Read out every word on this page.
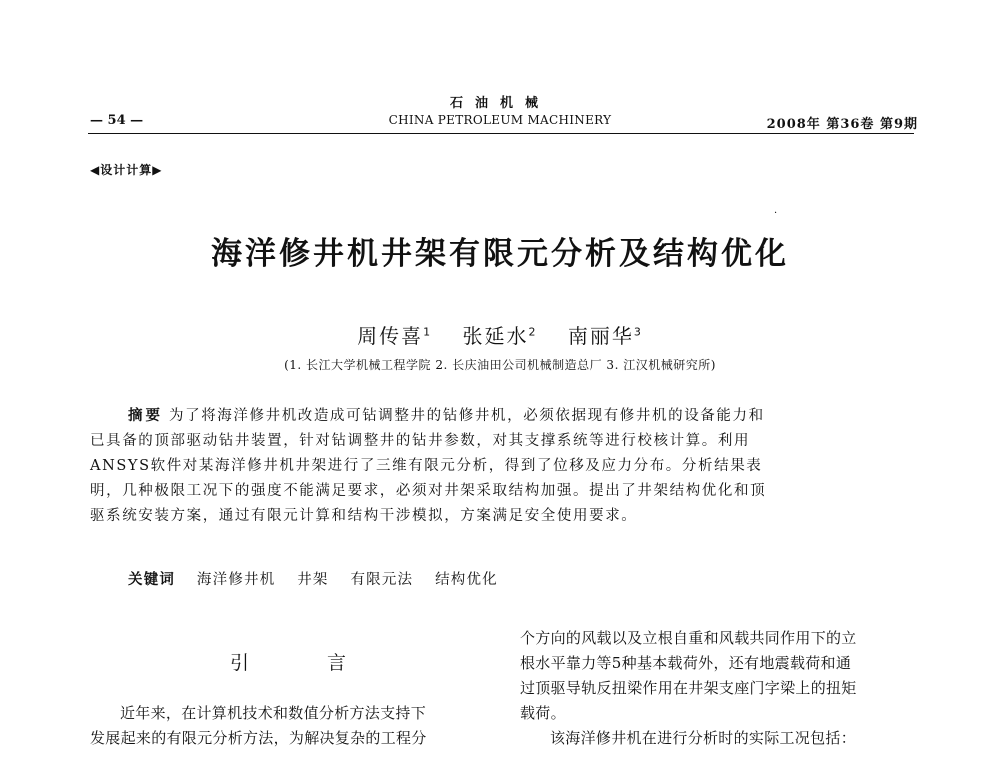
石油机械
— 54 —	CHINA PETROLEUM MACHINERY	2008年 第36卷 第9期
◀设计计算▶
·
海洋修井机井架有限元分析及结构优化
周传喜$^1$ 张延水$^2$ 南丽华$^3$
(1. 长江大学机械工程学院 2. 长庆油田公司机械制造总厂 3. 江汉机械研究所)
摘要 为了将海洋修井机改造成可钻调整井的钻修井机，必须依据现有修井机的设备能力和
已具备的顶部驱动钻井装置，针对钻调整井的钻井参数，对其支撑系统等进行校核计算。利用
ANSYS软件对某海洋修井机井架进行了三维有限元分析，得到了位移及应力分布。分析结果表
明，几种极限工况下的强度不能满足要求，必须对井架采取结构加强。提出了井架结构优化和顶
驱系统安装方案，通过有限元计算和结构干涉模拟，方案满足安全使用要求。
关键词 海洋修井机 井架 有限元法 结构优化
引言

近年来，在计算机技术和数值分析方法支持下

发展起来的有限元分析方法，为解决复杂的工程分

个方向的风载以及立根自重和风载共同作用下的立

根水平靠力等5种基本载荷外，还有地震载荷和通

过顶驱导轨反扭梁作用在井架支座门字梁上的扭矩

载荷。

该海洋修井机在进行分析时的实际工况包括：
